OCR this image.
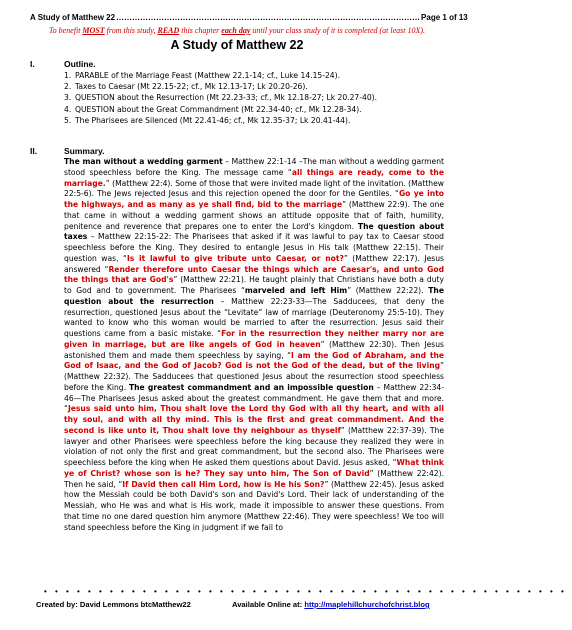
A Study of Matthew 22 …………………………………………………………………………………………………… Page 1 of 13
To benefit MOST from this study, READ this chapter each day until your class study of it is completed (at least 10X).
A Study of Matthew 22
I.	Outline.
1. PARABLE of the Marriage Feast (Matthew 22.1-14; cf., Luke 14.15-24).
2. Taxes to Caesar (Mt 22.15-22; cf., Mk 12.13-17; Lk 20.20-26).
3. QUESTION about the Resurrection (Mt 22.23-33; cf., Mk 12.18-27; Lk 20.27-40).
4. QUESTION about the Great Commandment (Mt 22.34-40; cf., Mk 12.28-34).
5. The Pharisees are Silenced (Mt 22.41-46; cf., Mk 12.35-37; Lk 20.41-44).
II.	Summary.

The man without a wedding garment – Matthew 22:1-14 –The man without a wedding garment stood speechless before the King. The message came “all things are ready, come to the marriage.” (Matthew 22:4). Some of those that were invited made light of the invitation. (Matthew 22:5-6). The Jews rejected Jesus and this rejection opened the door for the Gentiles. “Go ye into the highways, and as many as ye shall find, bid to the marriage” (Matthew 22:9). The one that came in without a wedding garment shows an attitude opposite that of faith, humility, penitence and reverence that prepares one to enter the Lord's kingdom. The question about taxes – Matthew 22:15-22: The Pharisees that asked if it was lawful to pay tax to Caesar stood speechless before the King. They desired to entangle Jesus in His talk (Matthew 22:15). Their question was, “Is it lawful to give tribute unto Caesar, or not?” (Matthew 22:17). Jesus answered “Render therefore unto Caesar the things which are Caesar's, and unto God the things that are God's” (Matthew 22:21). He taught plainly that Christians have both a duty to God and to government. The Pharisees “marveled and left Him” (Matthew 22:22). The question about the resurrection – Matthew 22:23-33—The Sadducees, that deny the resurrection, questioned Jesus about the “Levitate” law of marriage (Deuteronomy 25:5-10). They wanted to know who this woman would be married to after the resurrection. Jesus said their questions came from a basic mistake. “For in the resurrection they neither marry nor are given in marriage, but are like angels of God in heaven” (Matthew 22:30). Then Jesus astonished them and made them speechless by saying, “I am the God of Abraham, and the God of Isaac, and the God of Jacob? God is not the God of the dead, but of the living” (Matthew 22:32). The Sadducees that questioned Jesus about the resurrection stood speechless before the King. The greatest commandment and an impossible question – Matthew 22:34-46—The Pharisees Jesus asked about the greatest commandment. He gave them that and more. “Jesus said unto him, Thou shalt love the Lord thy God with all thy heart, and with all thy soul, and with all thy mind. This is the first and great commandment. And the second is like unto it, Thou shalt love thy neighbour as thyself” (Matthew 22:37-39). The lawyer and other Pharisees were speechless before the king because they realized they were in violation of not only the first and great commandment, but the second also. The Pharisees were speechless before the king when He asked them questions about David. Jesus asked, “What think ye of Christ? whose son is he? They say unto him, The Son of David” (Matthew 22:42). Then he said, “If David then call Him Lord, how is He his Son?” (Matthew 22:45). Jesus asked how the Messiah could be both David's son and David's Lord. Their lack of understanding of the Messiah, who He was and what is His work, made it impossible to answer these questions. From that time no one dared question him anymore (Matthew 22:46). They were speechless! We too will stand speechless before the King in judgment if we fail to

••••••••••••••••••••••••••••••••••••••••••••••••
Created by: David Lemmons btcMatthew22	Available Online at: http://maplehillchurchofchrist.blog
